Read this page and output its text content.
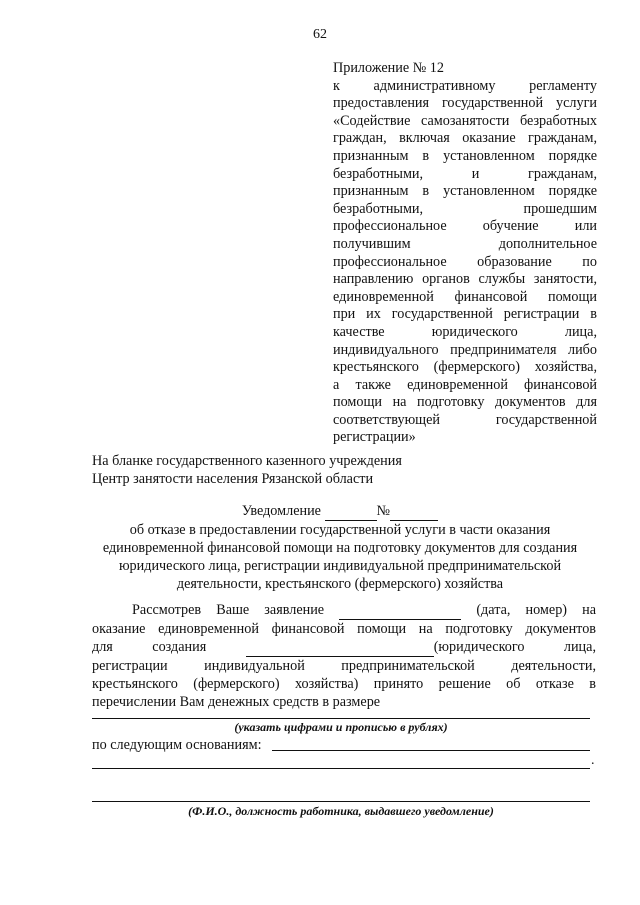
62

Приложение № 12

к административному регламенту
предоставления государственной услуги
«Содействие самозанятости безработных
граждан, включая оказание гражданам,
признанным в установленном порядке
безработными, и гражданам,
признанным в установленном порядке
безработными, прошедшим
профессиональное обучение или
получившим дополнительное
профессиональное образование по
направлению органов службы занятости,
единовременной финансовой помощи
при их государственной регистрации в
качестве юридического лица,
индивидуального предпринимателя либо
крестьянского (фермерского) хозяйства,
а также единовременной финансовой
помощи на подготовку документов для
соответствующей государственной
регистрации»
На бланке государственного казенного учреждения
Центр занятости населения Рязанской области
Уведомление	№
об отказе в предоставлении государственной услуги в части оказания
единовременной финансовой помощи на подготовку документов для создания
юридического лица, регистрации индивидуальной предпринимательской
деятельности, крестьянского (фермерского) хозяйства
Рассмотрев Ваше заявление	(дата, номер) на
оказание единовременной финансовой помощи на подготовку документов
для создания	(юридического лица,
регистрации индивидуальной предпринимательской деятельности,
крестьянского (фермерского) хозяйства) принято решение об отказе в
перечислении Вам денежных средств в размере
(указать цифрами и прописью в рублях)
по следующим основаниям:
.
(Ф.И.О., должность работника, выдавшего уведомление)
